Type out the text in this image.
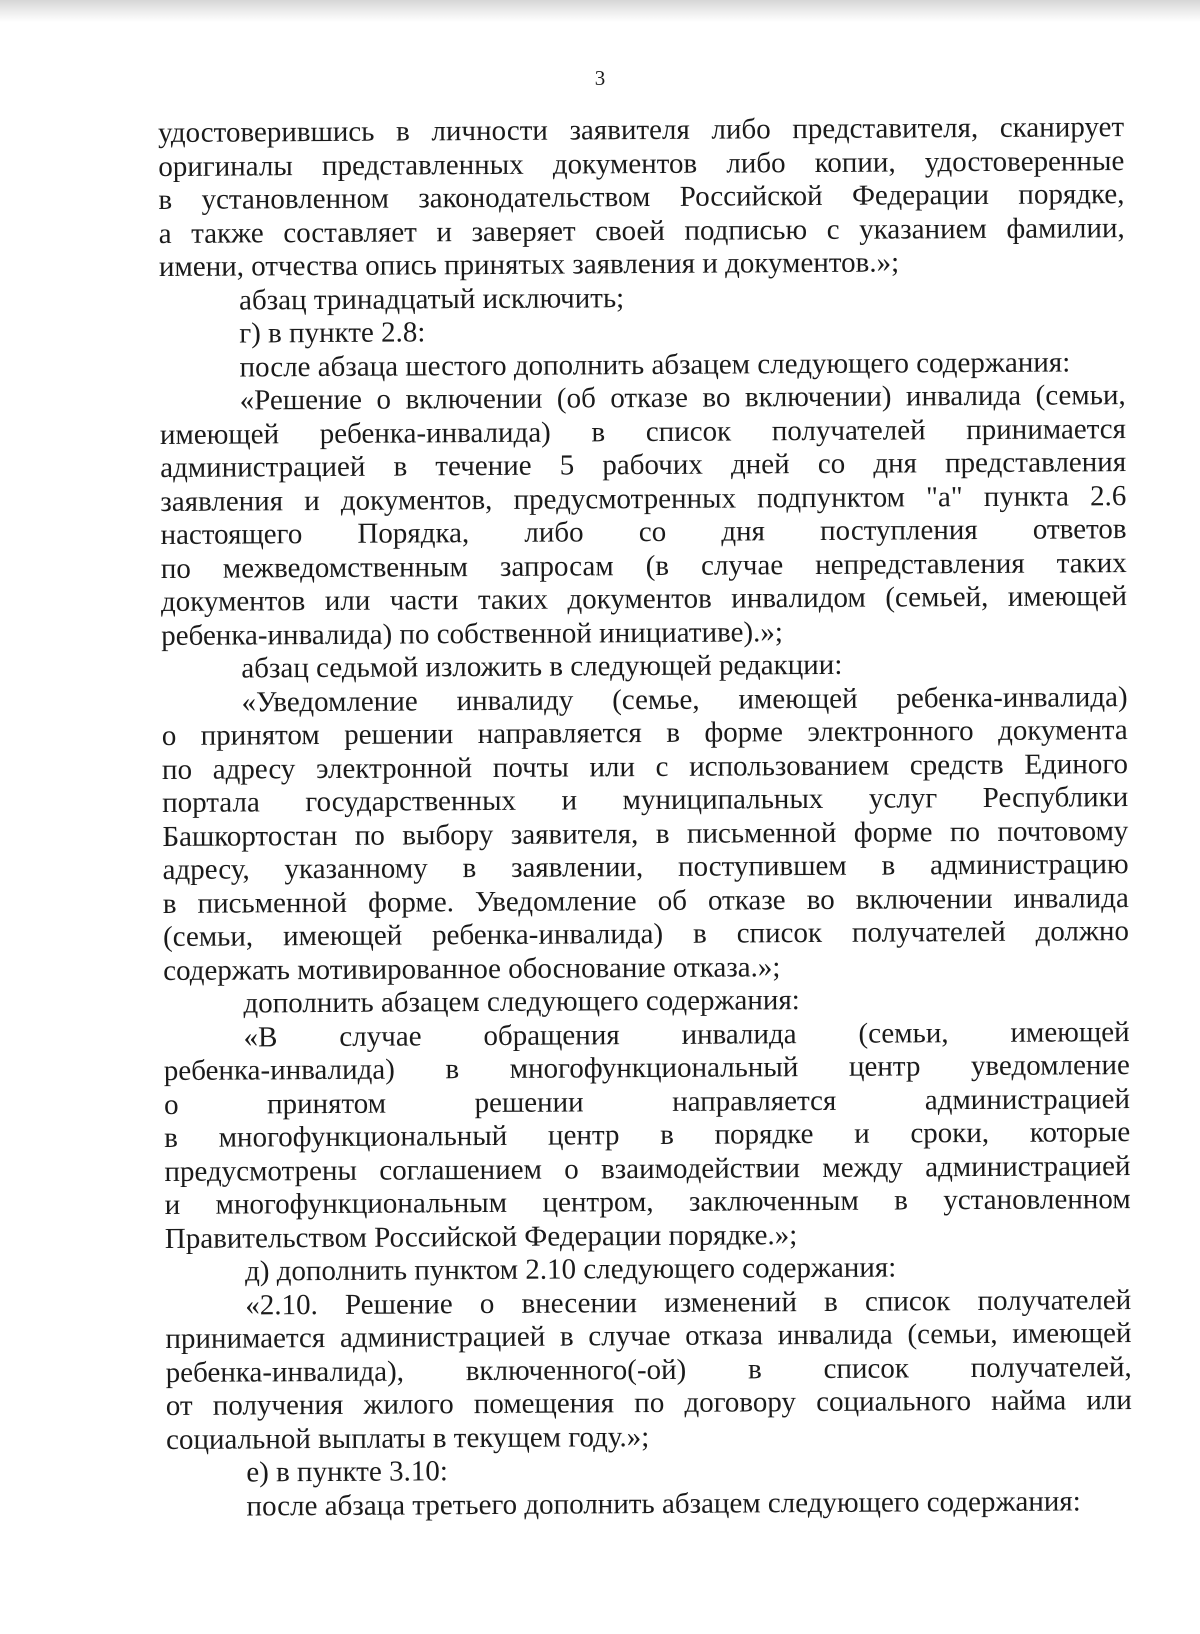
3
удостоверившись в личности заявителя либо представителя, сканирует
оригиналы представленных документов либо копии, удостоверенные
в установленном законодательством Российской Федерации порядке,
а также составляет и заверяет своей подписью с указанием фамилии,
имени, отчества опись принятых заявления и документов.»;
абзац тринадцатый исключить;
г) в пункте 2.8:
после абзаца шестого дополнить абзацем следующего содержания:
«Решение о включении (об отказе во включении) инвалида (семьи,
имеющей ребенка-инвалида) в список получателей принимается
администрацией в течение 5 рабочих дней со дня представления
заявления и документов, предусмотренных подпунктом "а" пункта 2.6
настоящего Порядка, либо со дня поступления ответов
по межведомственным запросам (в случае непредставления таких
документов или части таких документов инвалидом (семьей, имеющей
ребенка-инвалида) по собственной инициативе).»;
абзац седьмой изложить в следующей редакции:
«Уведомление инвалиду (семье, имеющей ребенка-инвалида)
о принятом решении направляется в форме электронного документа
по адресу электронной почты или с использованием средств Единого
портала государственных и муниципальных услуг Республики
Башкортостан по выбору заявителя, в письменной форме по почтовому
адресу, указанному в заявлении, поступившем в администрацию
в письменной форме. Уведомление об отказе во включении инвалида
(семьи, имеющей ребенка-инвалида) в список получателей должно
содержать мотивированное обоснование отказа.»;
дополнить абзацем следующего содержания:
«В случае обращения инвалида (семьи, имеющей
ребенка-инвалида) в многофункциональный центр уведомление
о принятом решении направляется администрацией
в многофункциональный центр в порядке и сроки, которые
предусмотрены соглашением о взаимодействии между администрацией
и многофункциональным центром, заключенным в установленном
Правительством Российской Федерации порядке.»;
д) дополнить пунктом 2.10 следующего содержания:
«2.10. Решение о внесении изменений в список получателей
принимается администрацией в случае отказа инвалида (семьи, имеющей
ребенка-инвалида), включенного(-ой) в список получателей,
от получения жилого помещения по договору социального найма или
социальной выплаты в текущем году.»;
е) в пункте 3.10:
после абзаца третьего дополнить абзацем следующего содержания:
